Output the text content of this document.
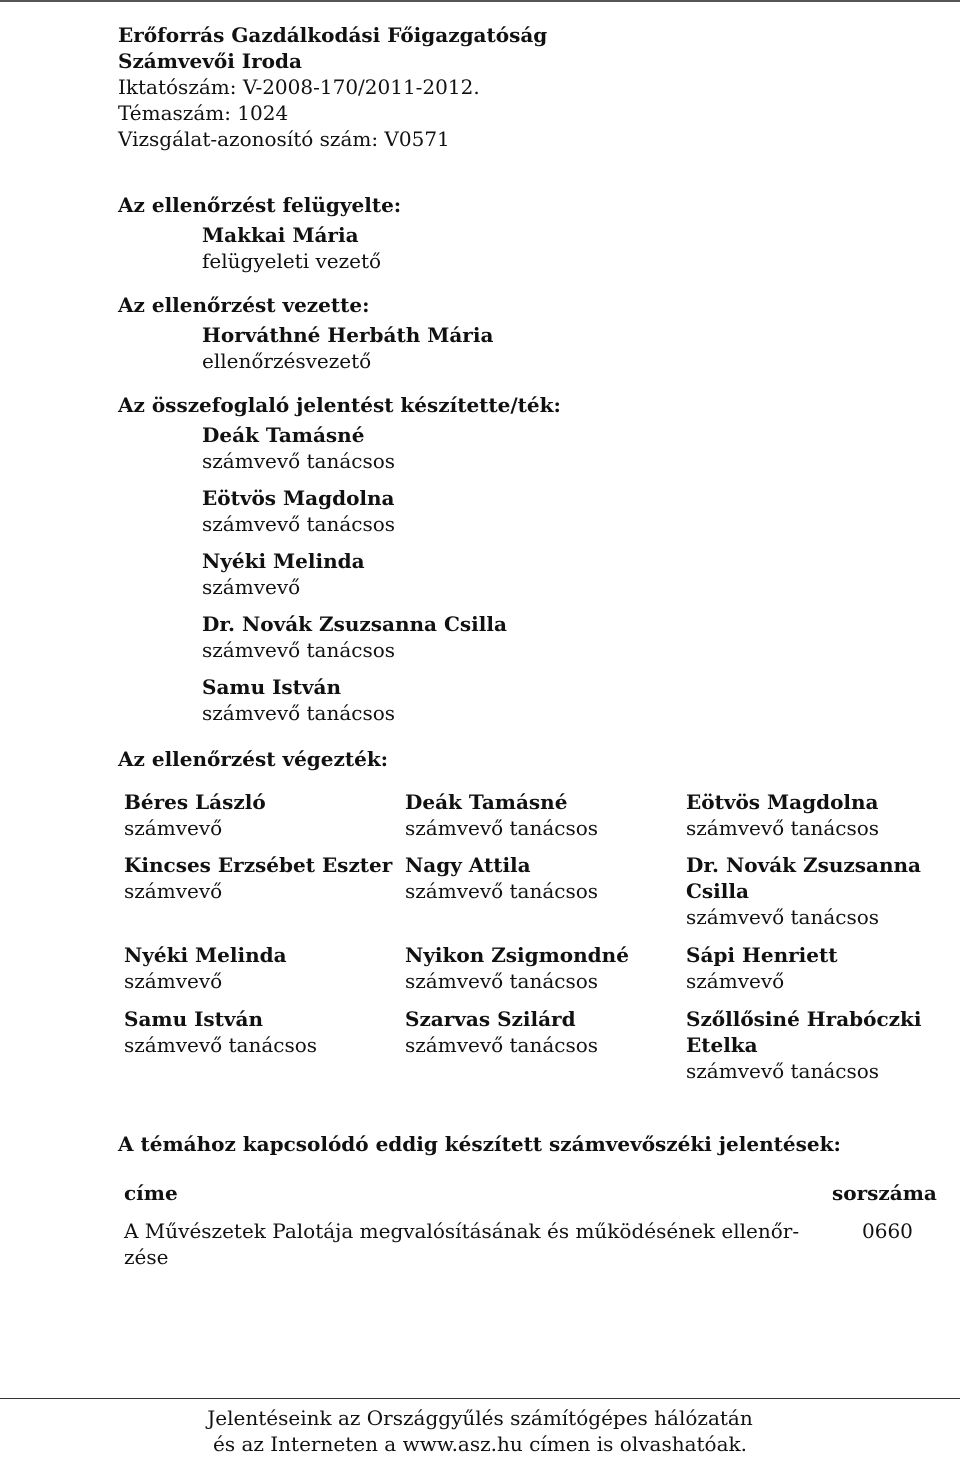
Erőforrás Gazdálkodási Főigazgatóság
Számvevői Iroda
Iktatószám: V-2008-170/2011-2012.
Témaszám: 1024
Vizsgálat-azonosító szám: V0571
Az ellenőrzést felügyelte:
Makkai Mária
felügyeleti vezető
Az ellenőrzést vezette:
Horváthné Herbáth Mária
ellenőrzésvezető
Az összefoglaló jelentést készítette/ték:
Deák Tamásné
számvevő tanácsos
Eötvös Magdolna
számvevő tanácsos
Nyéki Melinda
számvevő
Dr. Novák Zsuzsanna Csilla
számvevő tanácsos
Samu István
számvevő tanácsos
Az ellenőrzést végezték:
Béres László
számvevő
Deák Tamásné
számvevő tanácsos
Eötvös Magdolna
számvevő tanácsos
Kincses Erzsébet Eszter
számvevő
Nagy Attila
számvevő tanácsos
Dr. Novák Zsuzsanna Csilla
számvevő tanácsos
Nyéki Melinda
számvevő
Nyikon Zsigmondné
számvevő tanácsos
Sápi Henriett
számvevő
Samu István
számvevő tanácsos
Szarvas Szilárd
számvevő tanácsos
Szőllősiné Hrabóczki Etelka
számvevő tanácsos
A témához kapcsolódó eddig készített számvevőszéki jelentések:
címe	sorszáma
A Művészetek Palotája megvalósításának és működésének ellenőr-zése
0660
Jelentéseink az Országgyűlés számítógépes hálózatán
és az Interneten a www.asz.hu címen is olvashatóak.
